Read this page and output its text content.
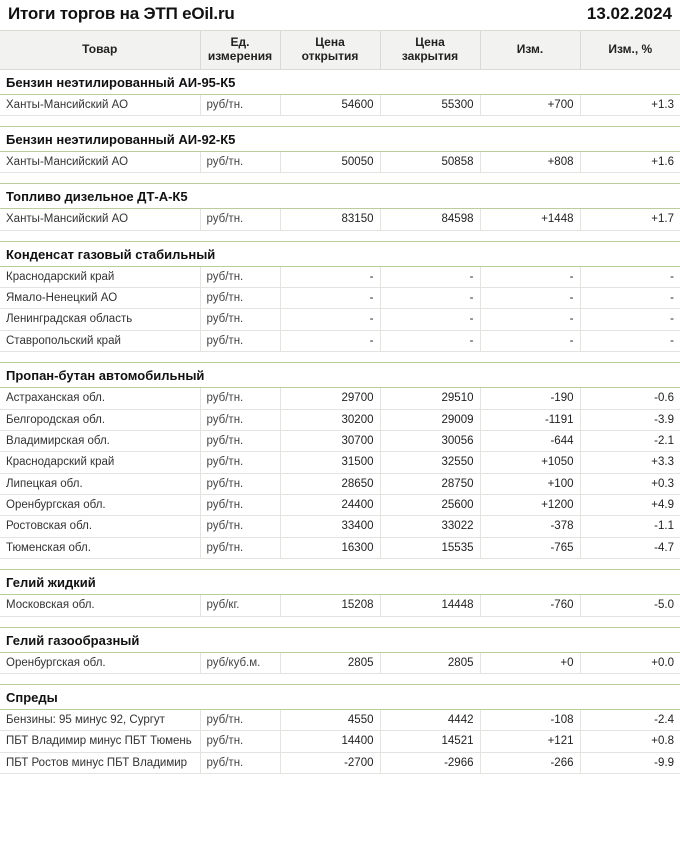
Итоги торгов на ЭТП eOil.ru	13.02.2024
Товар	Ед. измерения	Цена открытия	Цена закрытия	Изм.	Изм., %
Бензин неэтилированный АИ-95-К5					
Ханты-Мансийский АО	руб/тн.	54600	55300	+700	+1.3

Бензин неэтилированный АИ-92-К5					
Ханты-Мансийский АО	руб/тн.	50050	50858	+808	+1.6

Топливо дизельное ДТ-А-К5					
Ханты-Мансийский АО	руб/тн.	83150	84598	+1448	+1.7

Конденсат газовый стабильный					
Краснодарский край	руб/тн.	-	-	-	-
Ямало-Ненецкий АО	руб/тн.	-	-	-	-
Ленинградская область	руб/тн.	-	-	-	-
Ставропольский край	руб/тн.	-	-	-	-

Пропан-бутан автомобильный					
Астраханская обл.	руб/тн.	29700	29510	-190	-0.6
Белгородская обл.	руб/тн.	30200	29009	-1191	-3.9
Владимирская обл.	руб/тн.	30700	30056	-644	-2.1
Краснодарский край	руб/тн.	31500	32550	+1050	+3.3
Липецкая обл.	руб/тн.	28650	28750	+100	+0.3
Оренбургская обл.	руб/тн.	24400	25600	+1200	+4.9
Ростовская обл.	руб/тн.	33400	33022	-378	-1.1
Тюменская обл.	руб/тн.	16300	15535	-765	-4.7

Гелий жидкий					
Московская обл.	руб/кг.	15208	14448	-760	-5.0

Гелий газообразный					
Оренбургская обл.	руб/куб.м.	2805	2805	+0	+0.0

Спреды					
Бензины: 95 минус 92, Сургут	руб/тн.	4550	4442	-108	-2.4
ПБТ Владимир минус ПБТ Тюмень	руб/тн.	14400	14521	+121	+0.8
ПБТ Ростов минус ПБТ Владимир	руб/тн.	-2700	-2966	-266	-9.9
